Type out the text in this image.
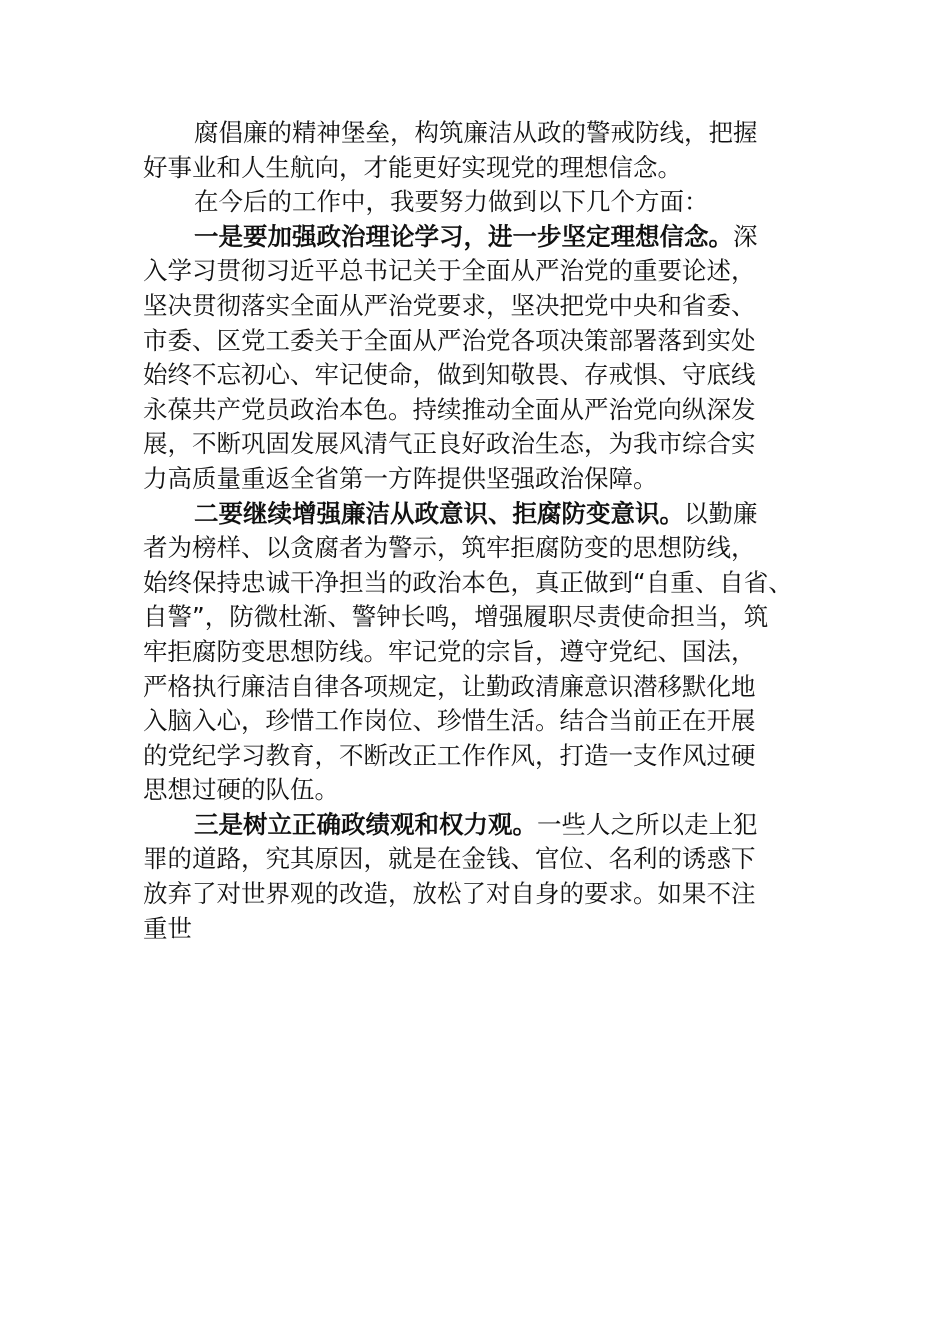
腐倡廉的精神堡垒，构筑廉洁从政的警戒防线，把握
好事业和人生航向，才能更好实现党的理想信念。
在今后的工作中，我要努力做到以下几个方面：
一是要加强政治理论学习，进一步坚定理想信念。深
入学习贯彻习近平总书记关于全面从严治党的重要论述，
坚决贯彻落实全面从严治党要求，坚决把党中央和省委、
市委、区党工委关于全面从严治党各项决策部署落到实处
始终不忘初心、牢记使命，做到知敬畏、存戒惧、守底线
永葆共产党员政治本色。持续推动全面从严治党向纵深发
展，不断巩固发展风清气正良好政治生态，为我市综合实
力高质量重返全省第一方阵提供坚强政治保障。
二要继续增强廉洁从政意识、拒腐防变意识。以勤廉
者为榜样、以贪腐者为警示，筑牢拒腐防变的思想防线，
始终保持忠诚干净担当的政治本色，真正做到“自重、自省、
自警”，防微杜渐、警钟长鸣，增强履职尽责使命担当，筑
牢拒腐防变思想防线。牢记党的宗旨，遵守党纪、国法，
严格执行廉洁自律各项规定，让勤政清廉意识潜移默化地
入脑入心，珍惜工作岗位、珍惜生活。结合当前正在开展
的党纪学习教育，不断改正工作作风，打造一支作风过硬
思想过硬的队伍。
三是树立正确政绩观和权力观。一些人之所以走上犯
罪的道路，究其原因，就是在金钱、官位、名利的诱惑下
放弃了对世界观的改造，放松了对自身的要求。如果不注
重世
